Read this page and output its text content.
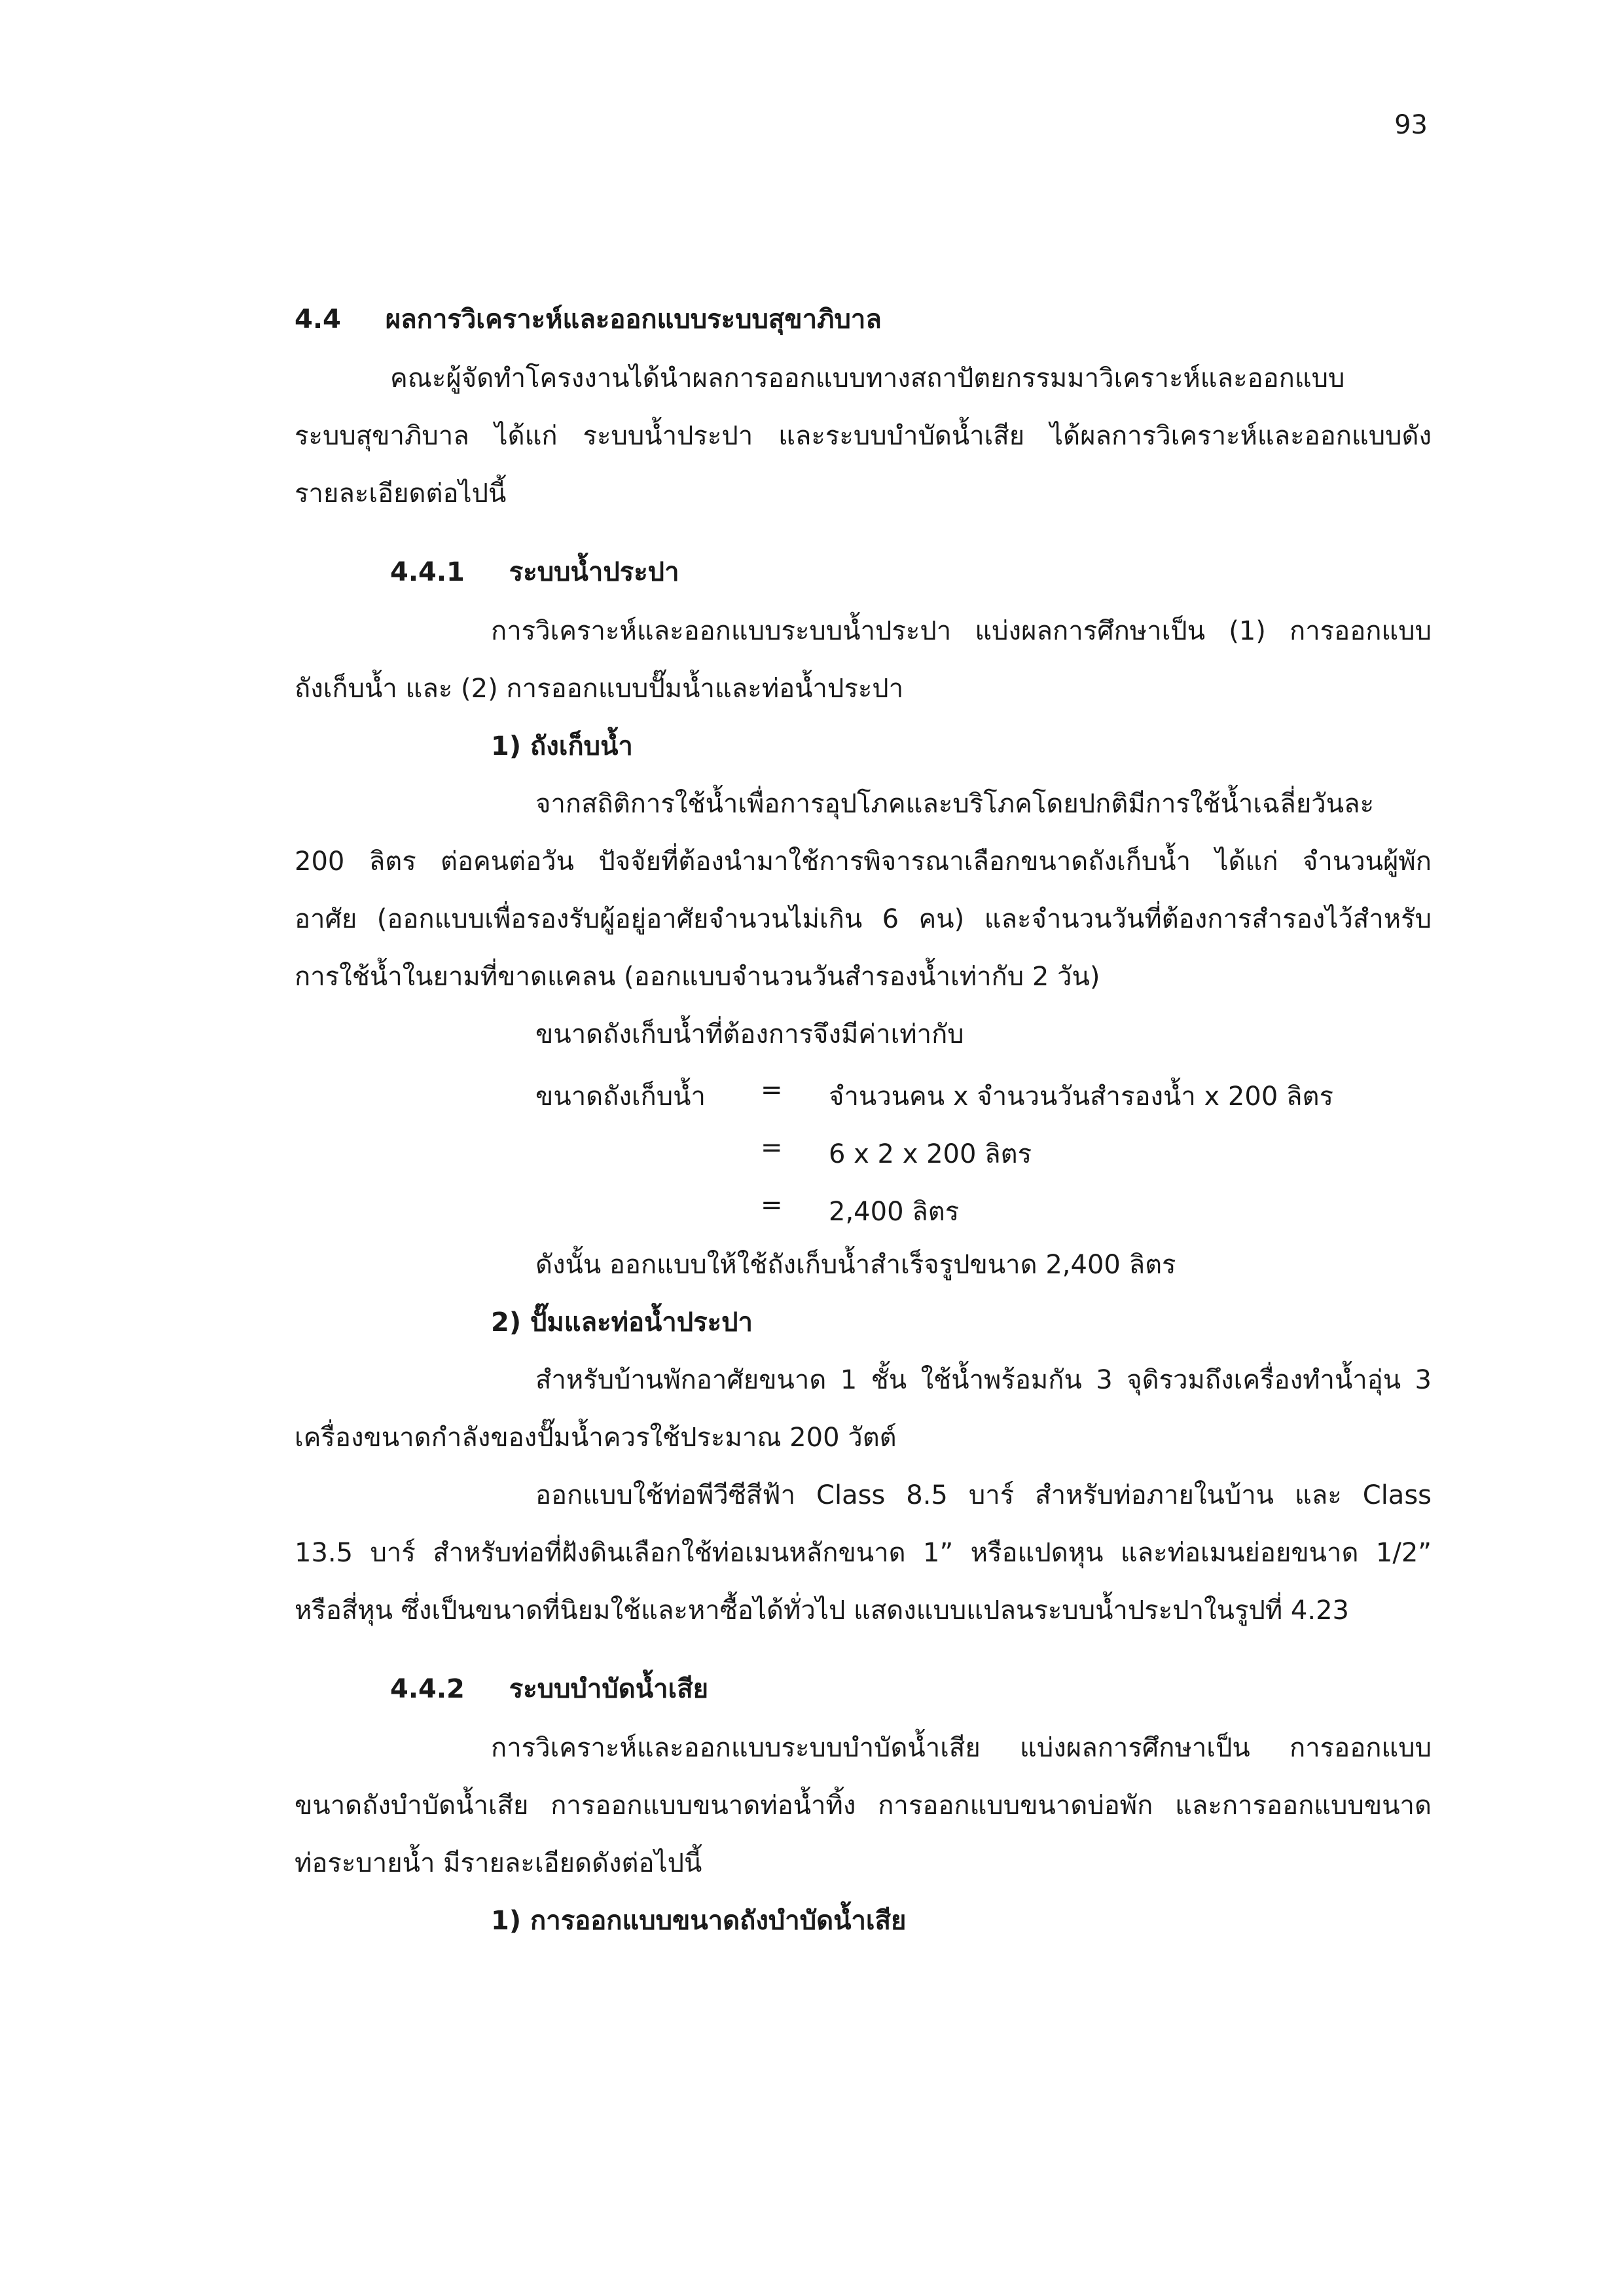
93
4.4 ผลการวิเคราะห์และออกแบบระบบสุขาภิบาล
คณะผู้จัดทำโครงงานได้นำผลการออกแบบทางสถาปัตยกรรมมาวิเคราะห์และออกแบบ
ระบบสุขาภิบาล ได้แก่ ระบบน้ำประปา และระบบบำบัดน้ำเสีย ได้ผลการวิเคราะห์และออกแบบดัง
รายละเอียดต่อไปนี้
4.4.1 ระบบน้ำประปา
การวิเคราะห์และออกแบบระบบน้ำประปา แบ่งผลการศึกษาเป็น (1) การออกแบบ
ถังเก็บน้ำ และ (2) การออกแบบปั๊มน้ำและท่อน้ำประปา
1) ถังเก็บน้ำ
จากสถิติการใช้น้ำเพื่อการอุปโภคและบริโภคโดยปกติมีการใช้น้ำเฉลี่ยวันละ
200 ลิตร ต่อคนต่อวัน ปัจจัยที่ต้องนำมาใช้การพิจารณาเลือกขนาดถังเก็บน้ำ ได้แก่ จำนวนผู้พัก
อาศัย (ออกแบบเพื่อรองรับผู้อยู่อาศัยจำนวนไม่เกิน 6 คน) และจำนวนวันที่ต้องการสำรองไว้สำหรับ
การใช้น้ำในยามที่ขาดแคลน (ออกแบบจำนวนวันสำรองน้ำเท่ากับ 2 วัน)
ขนาดถังเก็บน้ำที่ต้องการจึงมีค่าเท่ากับ
ขนาดถังเก็บน้ำ = จำนวนคน x จำนวนวันสำรองน้ำ x 200 ลิตร
= 6 x 2 x 200 ลิตร
= 2,400 ลิตร
ดังนั้น ออกแบบให้ใช้ถังเก็บน้ำสำเร็จรูปขนาด 2,400 ลิตร
2) ปั๊มและท่อน้ำประปา
สำหรับบ้านพักอาศัยขนาด 1 ชั้น ใช้น้ำพร้อมกัน 3 จุดิรวมถึงเครื่องทำน้ำอุ่น 3
เครื่องขนาดกำลังของปั๊มน้ำควรใช้ประมาณ 200 วัตต์
ออกแบบใช้ท่อพีวีซีสีฟ้า Class 8.5 บาร์ สำหรับท่อภายในบ้าน และ Class
13.5 บาร์ สำหรับท่อที่ฝังดินเลือกใช้ท่อเมนหลักขนาด 1” หรือแปดหุน และท่อเมนย่อยขนาด 1/2”
หรือสี่หุน ซึ่งเป็นขนาดที่นิยมใช้และหาซื้อได้ทั่วไป แสดงแบบแปลนระบบน้ำประปาในรูปที่ 4.23
4.4.2 ระบบบำบัดน้ำเสีย
การวิเคราะห์และออกแบบระบบบำบัดน้ำเสีย แบ่งผลการศึกษาเป็น การออกแบบ
ขนาดถังบำบัดน้ำเสีย การออกแบบขนาดท่อน้ำทิ้ง การออกแบบขนาดบ่อพัก และการออกแบบขนาด
ท่อระบายน้ำ มีรายละเอียดดังต่อไปนี้
1) การออกแบบขนาดถังบำบัดน้ำเสีย
